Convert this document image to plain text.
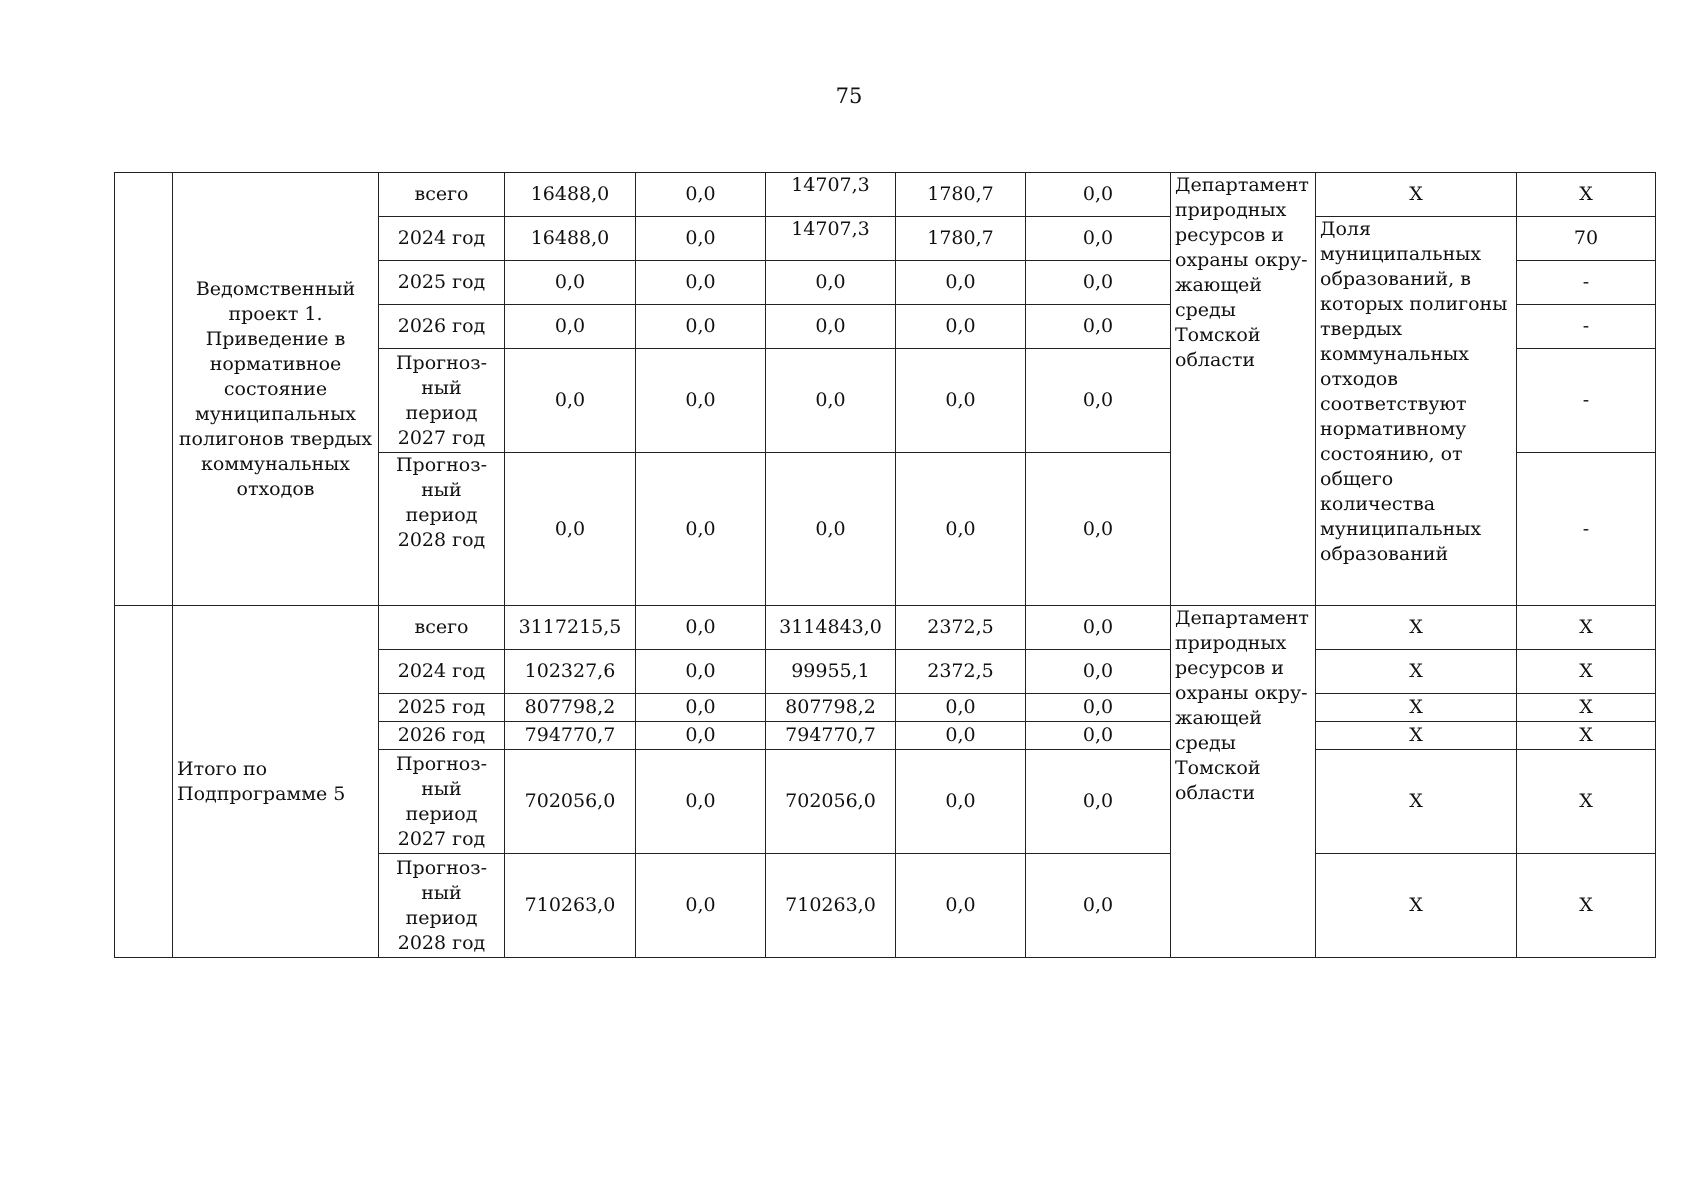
75
	Ведомственный проект 1. Приведение в нормативное состояние муниципальных полигонов твердых коммунальных отходов	всего	16488,0	0,0	14707,3	1780,7	0,0	Департамент природных ресурсов и охраны окру-жающей среды Томской области	Х	Х
		2024 год	16488,0	0,0	14707,3	1780,7	0,0		Доля муниципальных образований, в которых полигоны твердых коммунальных отходов соответствуют нормативному состоянию, от общего количества муниципальных образований	70
		2025 год	0,0	0,0	0,0	0,0	0,0			-
		2026 год	0,0	0,0	0,0	0,0	0,0			-
		Прогноз-ный период 2027 год	0,0	0,0	0,0	0,0	0,0			-
		Прогноз-ный период 2028 год	0,0	0,0	0,0	0,0	0,0			-
	Итого по Подпрограмме 5	всего	3117215,5	0,0	3114843,0	2372,5	0,0	Департамент природных ресурсов и охраны окру-жающей среды Томской области	Х	Х
		2024 год	102327,6	0,0	99955,1	2372,5	0,0		Х	Х
		2025 год	807798,2	0,0	807798,2	0,0	0,0		Х	Х
		2026 год	794770,7	0,0	794770,7	0,0	0,0		Х	Х
		Прогноз-ный период 2027 год	702056,0	0,0	702056,0	0,0	0,0		Х	Х
		Прогноз-ный период 2028 год	710263,0	0,0	710263,0	0,0	0,0		Х	Х
